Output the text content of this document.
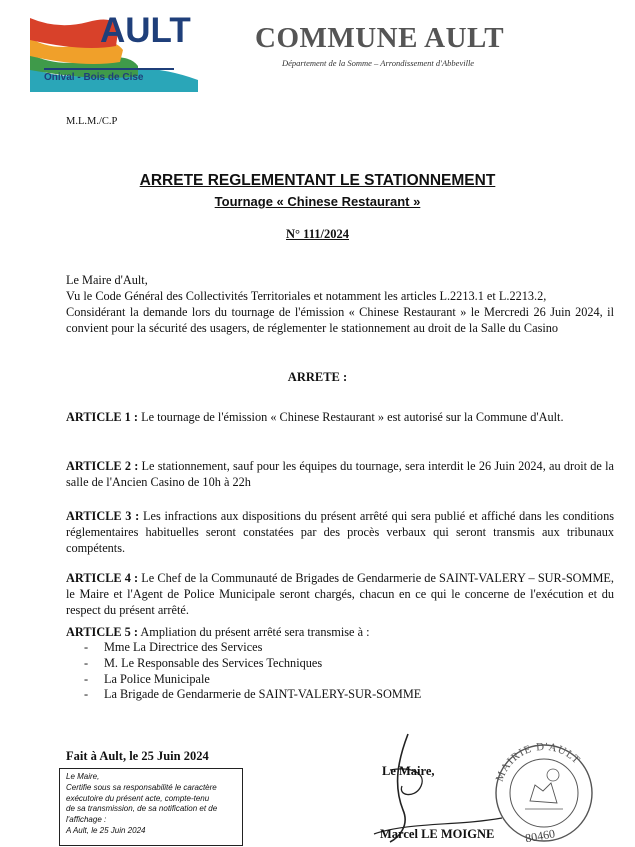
AULT
Onival - Bois de Cise
COMMUNE AULT
Département de la Somme – Arrondissement d'Abbeville
M.L.M./C.P
ARRETE REGLEMENTANT LE STATIONNEMENT
Tournage « Chinese Restaurant »
N° 111/2024
Le Maire d'Ault,
Vu le Code Général des Collectivités Territoriales et notamment les articles L.2213.1 et L.2213.2,
Considérant la demande lors du tournage de l'émission « Chinese Restaurant » le Mercredi 26 Juin 2024, il convient pour la sécurité des usagers, de réglementer le stationnement au droit de la Salle du Casino
ARRETE :
ARTICLE 1 : Le tournage de l'émission « Chinese Restaurant » est autorisé sur la Commune d'Ault.
ARTICLE 2 : Le stationnement, sauf pour les équipes du tournage, sera interdit le 26 Juin 2024, au droit de la salle de l'Ancien Casino de 10h à 22h
ARTICLE 3 : Les infractions aux dispositions du présent arrêté qui sera publié et affiché dans les conditions réglementaires habituelles seront constatées par des procès verbaux qui seront transmis aux tribunaux compétents.
ARTICLE 4 : Le Chef de la Communauté de Brigades de Gendarmerie de SAINT-VALERY – SUR-SOMME, le Maire et l'Agent de Police Municipale seront chargés, chacun en ce qui le concerne de l'exécution et du respect du présent arrêté.
ARTICLE 5 : Ampliation du présent arrêté sera transmise à :
- Mme La Directrice des Services
- M. Le Responsable des Services Techniques
- La Police Municipale
- La Brigade de Gendarmerie de SAINT-VALERY-SUR-SOMME
Fait à Ault, le 25 Juin 2024
Le Maire,
Certifie sous sa responsabilité le caractère
exécutoire du présent acte, compte-tenu
de sa transmission, de sa notification et de
l'affichage :
A Ault, le 25 Juin 2024
Le Maire,
Marcel LE MOIGNE
MAIRIE D'AULT
80460
